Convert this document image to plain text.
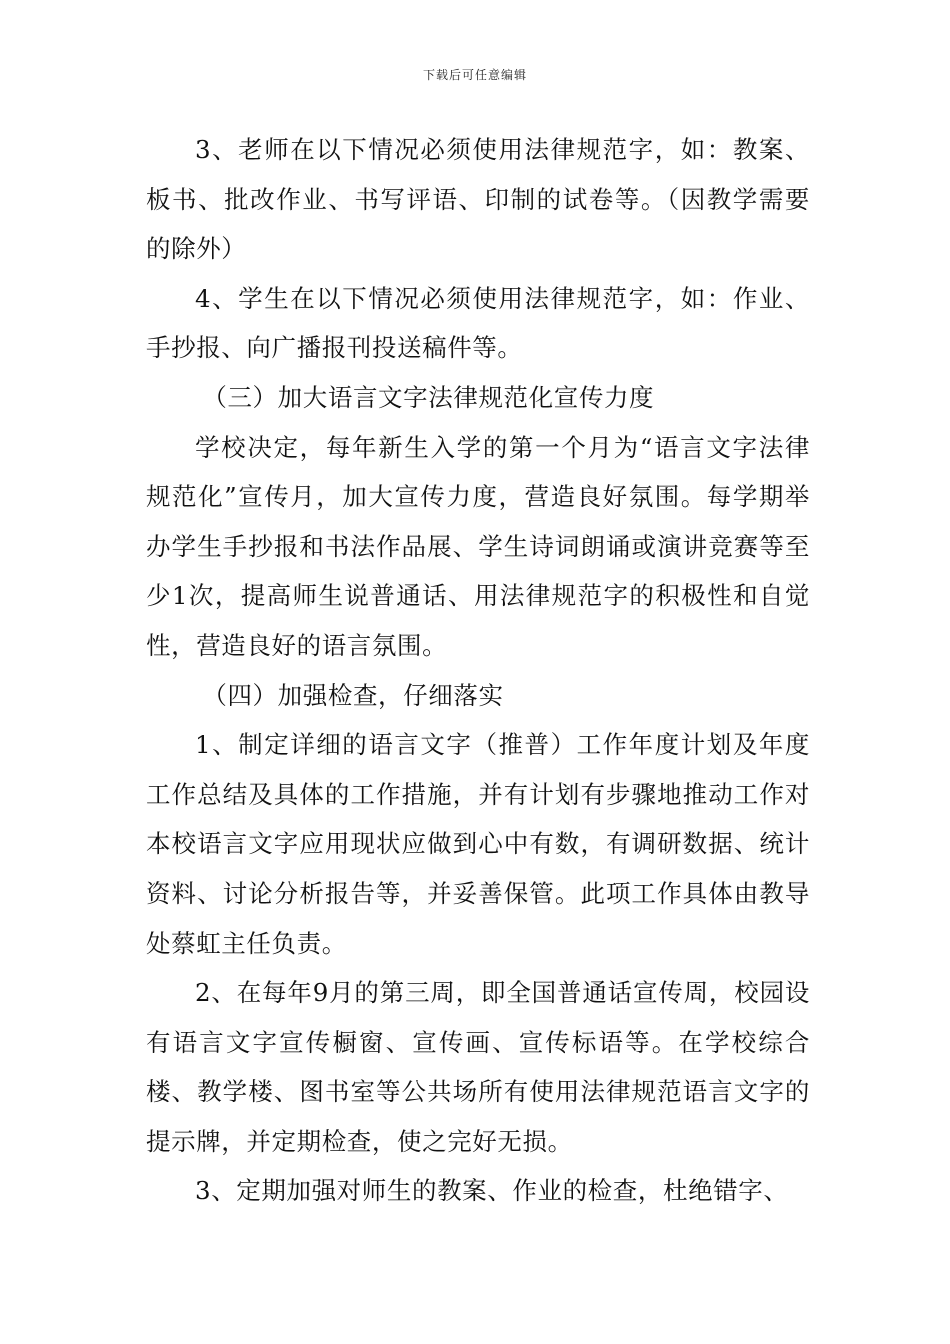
下载后可任意编辑

3、老师在以下情况必须使用法律规范字，如：教案、板书、批改作业、书写评语、印制的试卷等。（因教学需要的除外）

4、学生在以下情况必须使用法律规范字，如：作业、手抄报、向广播报刊投送稿件等。

（三）加大语言文字法律规范化宣传力度

学校决定，每年新生入学的第一个月为“语言文字法律规范化”宣传月，加大宣传力度，营造良好氛围。每学期举办学生手抄报和书法作品展、学生诗词朗诵或演讲竞赛等至少1次，提高师生说普通话、用法律规范字的积极性和自觉性，营造良好的语言氛围。

（四）加强检查，仔细落实

1、制定详细的语言文字（推普）工作年度计划及年度工作总结及具体的工作措施，并有计划有步骤地推动工作对本校语言文字应用现状应做到心中有数，有调研数据、统计资料、讨论分析报告等，并妥善保管。此项工作具体由教导处蔡虹主任负责。

2、在每年9月的第三周，即全国普通话宣传周，校园设有语言文字宣传橱窗、宣传画、宣传标语等。在学校综合楼、教学楼、图书室等公共场所有使用法律规范语言文字的提示牌，并定期检查，使之完好无损。

3、定期加强对师生的教案、作业的检查，杜绝错字、
